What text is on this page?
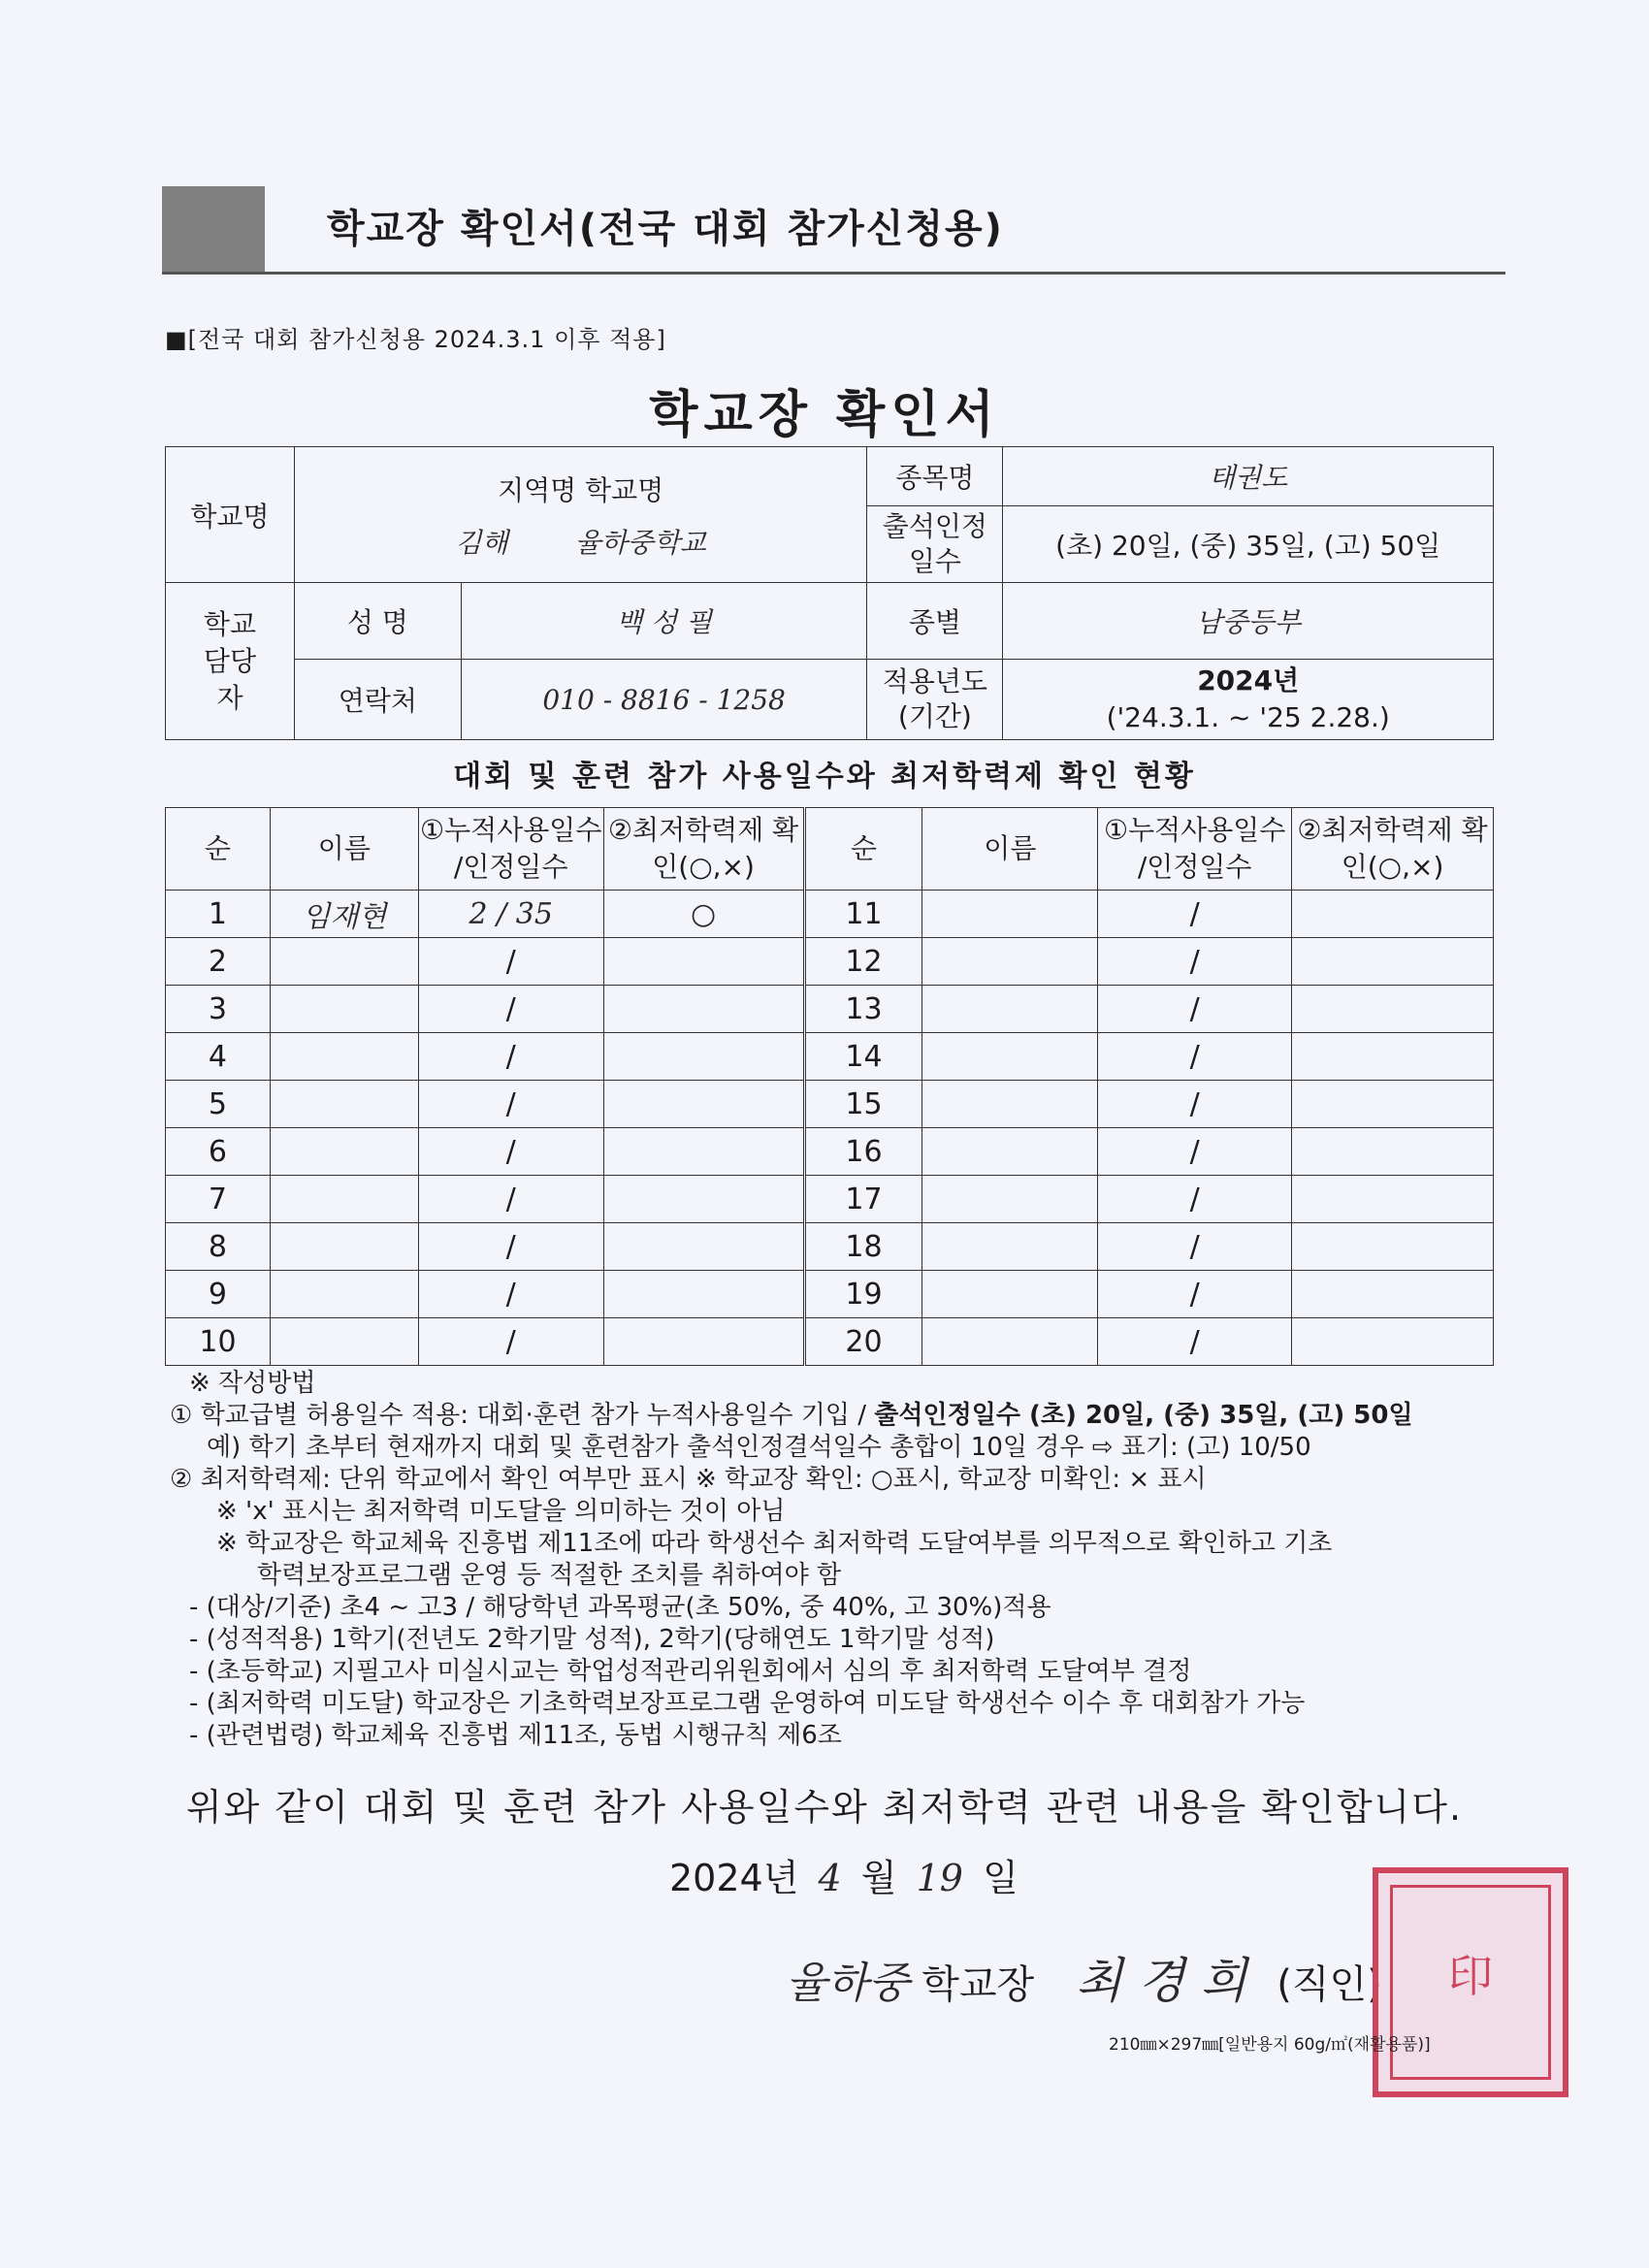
학교장 확인서(전국 대회 참가신청용)
■[전국 대회 참가신청용 2024.3.1 이후 적용]
학교장 확인서
학교명	지역명 학교명
김해 율하중학교		종목명	태권도
			출석인정 일수	(초) 20일, (중) 35일, (고) 50일
학교 담당자	성 명	백 성 필	종별	남중등부
	연락처	010 - 8816 - 1258	적용년도 (기간)	2024년
('24.3.1. ~ '25 2.28.)
대회 및 훈련 참가 사용일수와 최저학력제 확인 현황
순	이름	①누적사용일수 /인정일수	②최저학력제 확인(○,×)	순	이름	①누적사용일수 /인정일수	②최저학력제 확인(○,×)
1	임재현	2 / 35	○	11		/	
2		/		12		/	
3		/		13		/	
4		/		14		/	
5		/		15		/	
6		/		16		/	
7		/		17		/	
8		/		18		/	
9		/		19		/	
10		/		20		/	
※ 작성방법
① 학교급별 허용일수 적용: 대회·훈련 참가 누적사용일수 기입 / 출석인정일수 (초) 20일, (중) 35일, (고) 50일
예) 학기 초부터 현재까지 대회 및 훈련참가 출석인정결석일수 총합이 10일 경우 ⇨ 표기: (고) 10/50
② 최저학력제: 단위 학교에서 확인 여부만 표시 ※ 학교장 확인: ○표시, 학교장 미확인: × 표시
※ 'x' 표시는 최저학력 미도달을 의미하는 것이 아님
※ 학교장은 학교체육 진흥법 제11조에 따라 학생선수 최저학력 도달여부를 의무적으로 확인하고 기초
학력보장프로그램 운영 등 적절한 조치를 취하여야 함
- (대상/기준) 초4 ~ 고3 / 해당학년 과목평균(초 50%, 중 40%, 고 30%)적용
- (성적적용) 1학기(전년도 2학기말 성적), 2학기(당해연도 1학기말 성적)
- (초등학교) 지필고사 미실시교는 학업성적관리위원회에서 심의 후 최저학력 도달여부 결정
- (최저학력 미도달) 학교장은 기초학력보장프로그램 운영하여 미도달 학생선수 이수 후 대회참가 가능
- (관련법령) 학교체육 진흥법 제11조, 동법 시행규칙 제6조
위와 같이 대회 및 훈련 참가 사용일수와 최저학력 관련 내용을 확인합니다.
2024년 4 월 19 일
율하중 학교장 최 경 희 (직인)	印
210㎜×297㎜[일반용지 60g/㎡(재활용품)]
